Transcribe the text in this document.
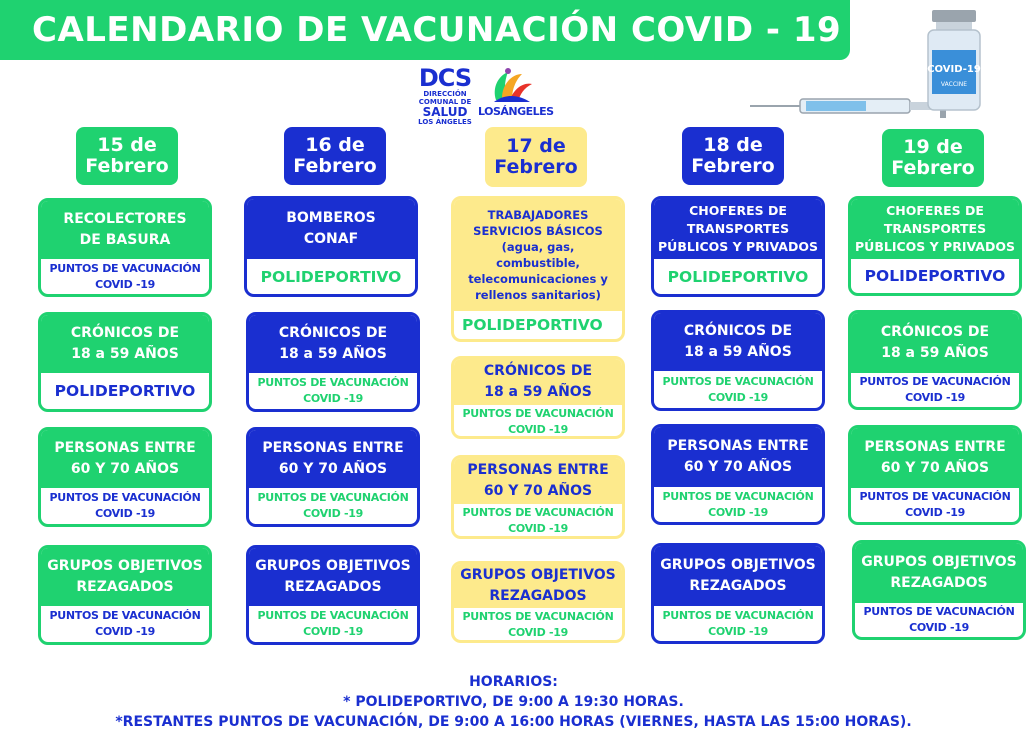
CALENDARIO DE VACUNACIÓN COVID - 19
DCS
DIRECCIÓN
COMUNAL DE
SALUD
LOS ÁNGELES
LOSÁNGELES
COVID-19
VACCINE
15 de
Febrero
RECOLECTORES
DE BASURA
PUNTOS DE VACUNACIÓN
COVID -19
CRÓNICOS DE
18 a 59 AÑOS
POLIDEPORTIVO
PERSONAS ENTRE
60 Y 70 AÑOS
PUNTOS DE VACUNACIÓN
COVID -19
GRUPOS OBJETIVOS
REZAGADOS
PUNTOS DE VACUNACIÓN
COVID -19
16 de
Febrero
BOMBEROS
CONAF
POLIDEPORTIVO
CRÓNICOS DE
18 a 59 AÑOS
PUNTOS DE VACUNACIÓN
COVID -19
PERSONAS ENTRE
60 Y 70 AÑOS
PUNTOS DE VACUNACIÓN
COVID -19
GRUPOS OBJETIVOS
REZAGADOS
PUNTOS DE VACUNACIÓN
COVID -19
17 de
Febrero
TRABAJADORES
SERVICIOS BÁSICOS
(agua, gas, combustible,
telecomunicaciones y
rellenos sanitarios)
POLIDEPORTIVO
CRÓNICOS DE
18 a 59 AÑOS
PUNTOS DE VACUNACIÓN
COVID -19
PERSONAS ENTRE
60 Y 70 AÑOS
PUNTOS DE VACUNACIÓN
COVID -19
GRUPOS OBJETIVOS
REZAGADOS
PUNTOS DE VACUNACIÓN
COVID -19
18 de
Febrero
CHOFERES DE
TRANSPORTES
PÚBLICOS Y PRIVADOS
POLIDEPORTIVO
CRÓNICOS DE
18 a 59 AÑOS
PUNTOS DE VACUNACIÓN
COVID -19
PERSONAS ENTRE
60 Y 70 AÑOS
PUNTOS DE VACUNACIÓN
COVID -19
GRUPOS OBJETIVOS
REZAGADOS
PUNTOS DE VACUNACIÓN
COVID -19
19 de
Febrero
CHOFERES DE
TRANSPORTES
PÚBLICOS Y PRIVADOS
POLIDEPORTIVO
CRÓNICOS DE
18 a 59 AÑOS
PUNTOS DE VACUNACIÓN
COVID -19
PERSONAS ENTRE
60 Y 70 AÑOS
PUNTOS DE VACUNACIÓN
COVID -19
GRUPOS OBJETIVOS
REZAGADOS
PUNTOS DE VACUNACIÓN
COVID -19
HORARIOS:
* POLIDEPORTIVO, DE 9:00 A 19:30 HORAS.
*RESTANTES PUNTOS DE VACUNACIÓN, DE 9:00 A 16:00 HORAS (VIERNES, HASTA LAS 15:00 HORAS).
